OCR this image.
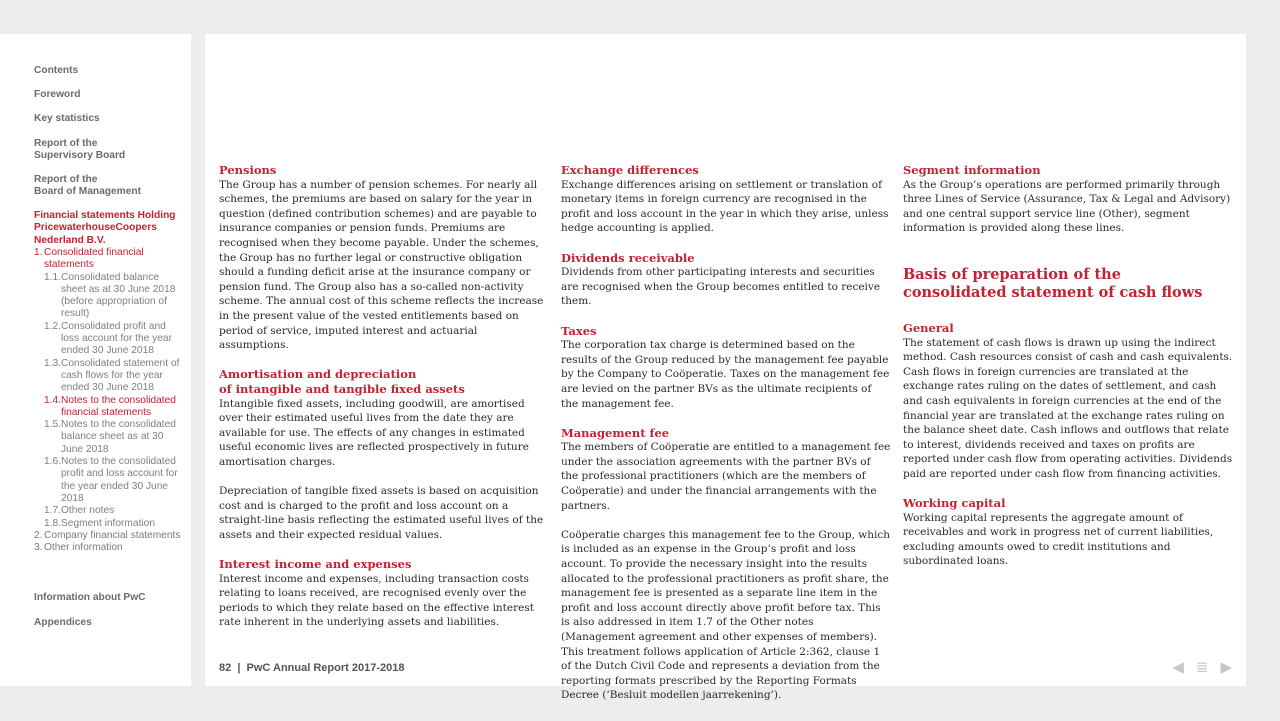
Contents
Foreword
Key statistics
Report of the
Supervisory Board
Report of the
Board of Management
Financial statements Holding PricewaterhouseCoopers Nederland B.V.
1. Consolidated financial statements
1.1. Consolidated balance sheet as at 30 June 2018 (before appropriation of result)
1.2. Consolidated profit and loss account for the year ended 30 June 2018
1.3. Consolidated statement of cash flows for the year ended 30 June 2018
1.4. Notes to the consolidated financial statements
1.5. Notes to the consolidated balance sheet as at 30 June 2018
1.6. Notes to the consolidated profit and loss account for the year ended 30 June 2018
1.7. Other notes
1.8. Segment information
2. Company financial statements
3. Other information
Information about PwC
Appendices
Pensions

The Group has a number of pension schemes. For nearly all schemes, the premiums are based on salary for the year in question (defined contribution schemes) and are payable to insurance companies or pension funds. Premiums are recognised when they become payable. Under the schemes, the Group has no further legal or constructive obligation should a funding deficit arise at the insurance company or pension fund. The Group also has a so-called non-activity scheme. The annual cost of this scheme reflects the increase in the present value of the vested entitlements based on period of service, imputed interest and actuarial assumptions.

Amortisation and depreciation
of intangible and tangible fixed assets

Intangible fixed assets, including goodwill, are amortised over their estimated useful lives from the date they are available for use. The effects of any changes in estimated useful economic lives are reflected prospectively in future amortisation charges.

Depreciation of tangible fixed assets is based on acquisition cost and is charged to the profit and loss account on a straight-line basis reflecting the estimated useful lives of the assets and their expected residual values.

Interest income and expenses

Interest income and expenses, including transaction costs relating to loans received, are recognised evenly over the periods to which they relate based on the effective interest rate inherent in the underlying assets and liabilities.

Exchange differences

Exchange differences arising on settlement or translation of monetary items in foreign currency are recognised in the profit and loss account in the year in which they arise, unless hedge accounting is applied.

Dividends receivable

Dividends from other participating interests and securities are recognised when the Group becomes entitled to receive them.

Taxes

The corporation tax charge is determined based on the results of the Group reduced by the management fee payable by the Company to Coöperatie. Taxes on the management fee are levied on the partner BVs as the ultimate recipients of the management fee.

Management fee

The members of Coöperatie are entitled to a management fee under the association agreements with the partner BVs of the professional practitioners (which are the members of Coöperatie) and under the financial arrangements with the partners.

Coöperatie charges this management fee to the Group, which is included as an expense in the Group’s profit and loss account. To provide the necessary insight into the results allocated to the professional practitioners as profit share, the management fee is presented as a separate line item in the profit and loss account directly above profit before tax. This is also addressed in item 1.7 of the Other notes (Management agreement and other expenses of members). This treatment follows application of Article 2:362, clause 1 of the Dutch Civil Code and represents a deviation from the reporting formats prescribed by the Reporting Formats Decree (‘Besluit modellen jaarrekening’).

Segment information

As the Group’s operations are performed primarily through three Lines of Service (Assurance, Tax & Legal and Advisory) and one central support service line (Other), segment information is provided along these lines.

Basis of preparation of the
consolidated statement of cash flows
General

The statement of cash flows is drawn up using the indirect method. Cash resources consist of cash and cash equivalents. Cash flows in foreign currencies are translated at the exchange rates ruling on the dates of settlement, and cash and cash equivalents in foreign currencies at the end of the financial year are translated at the exchange rates ruling on the balance sheet date. Cash inflows and outflows that relate to interest, dividends received and taxes on profits are reported under cash flow from operating activities. Dividends paid are reported under cash flow from financing activities.

Working capital

Working capital represents the aggregate amount of receivables and work in progress net of current liabilities, excluding amounts owed to credit institutions and subordinated loans.

82  |  PwC Annual Report 2017-2018	◀ ≣ ▶
